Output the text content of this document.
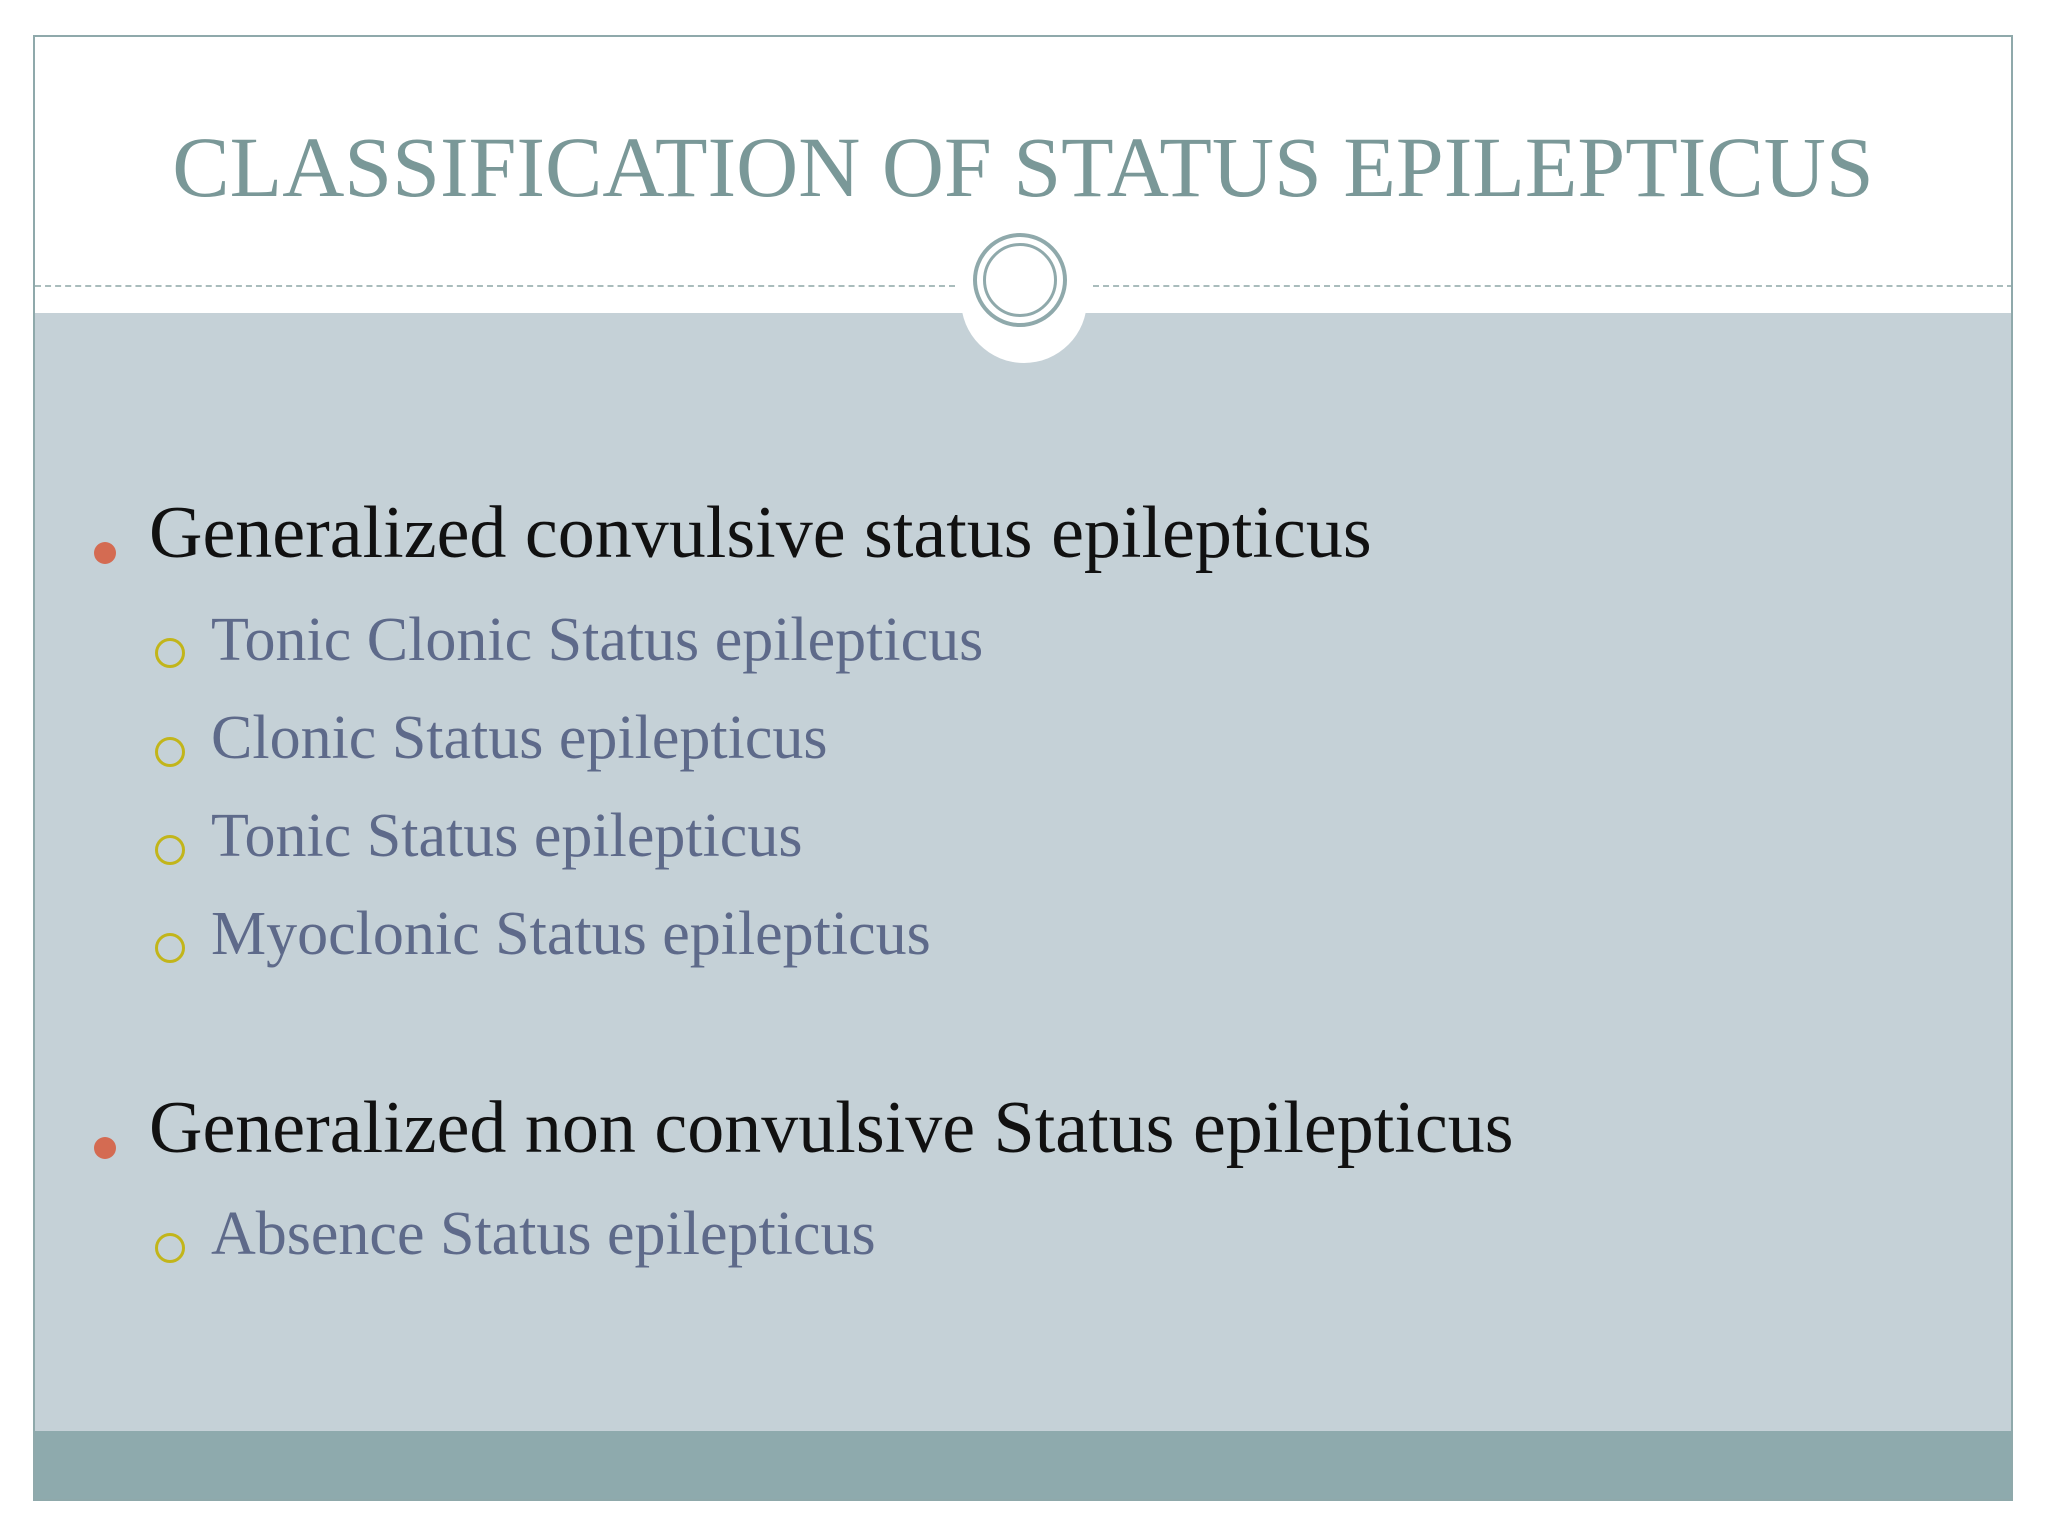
CLASSIFICATION OF STATUS EPILEPTICUS
Generalized convulsive status epilepticus
Tonic Clonic Status epilepticus
Clonic Status epilepticus
Tonic Status epilepticus
Myoclonic Status epilepticus
Generalized non convulsive Status epilepticus
Absence Status epilepticus
